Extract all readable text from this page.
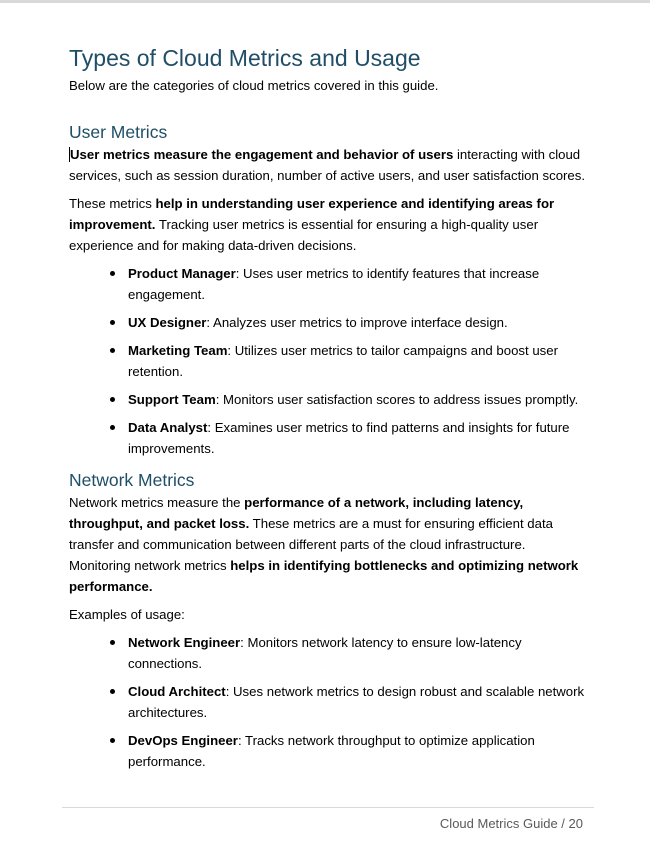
Types of Cloud Metrics and Usage

Below are the categories of cloud metrics covered in this guide.

User Metrics

User metrics measure the engagement and behavior of users interacting with cloud services, such as session duration, number of active users, and user satisfaction scores.

These metrics help in understanding user experience and identifying areas for improvement. Tracking user metrics is essential for ensuring a high-quality user experience and for making data-driven decisions.

Product Manager: Uses user metrics to identify features that increase engagement.
UX Designer: Analyzes user metrics to improve interface design.
Marketing Team: Utilizes user metrics to tailor campaigns and boost user retention.
Support Team: Monitors user satisfaction scores to address issues promptly.
Data Analyst: Examines user metrics to find patterns and insights for future improvements.
Network Metrics

Network metrics measure the performance of a network, including latency, throughput, and packet loss. These metrics are a must for ensuring efficient data transfer and communication between different parts of the cloud infrastructure. Monitoring network metrics helps in identifying bottlenecks and optimizing network performance.

Examples of usage:

Network Engineer: Monitors network latency to ensure low-latency connections.
Cloud Architect: Uses network metrics to design robust and scalable network architectures.
DevOps Engineer: Tracks network throughput to optimize application performance.
Cloud Metrics Guide / 20
